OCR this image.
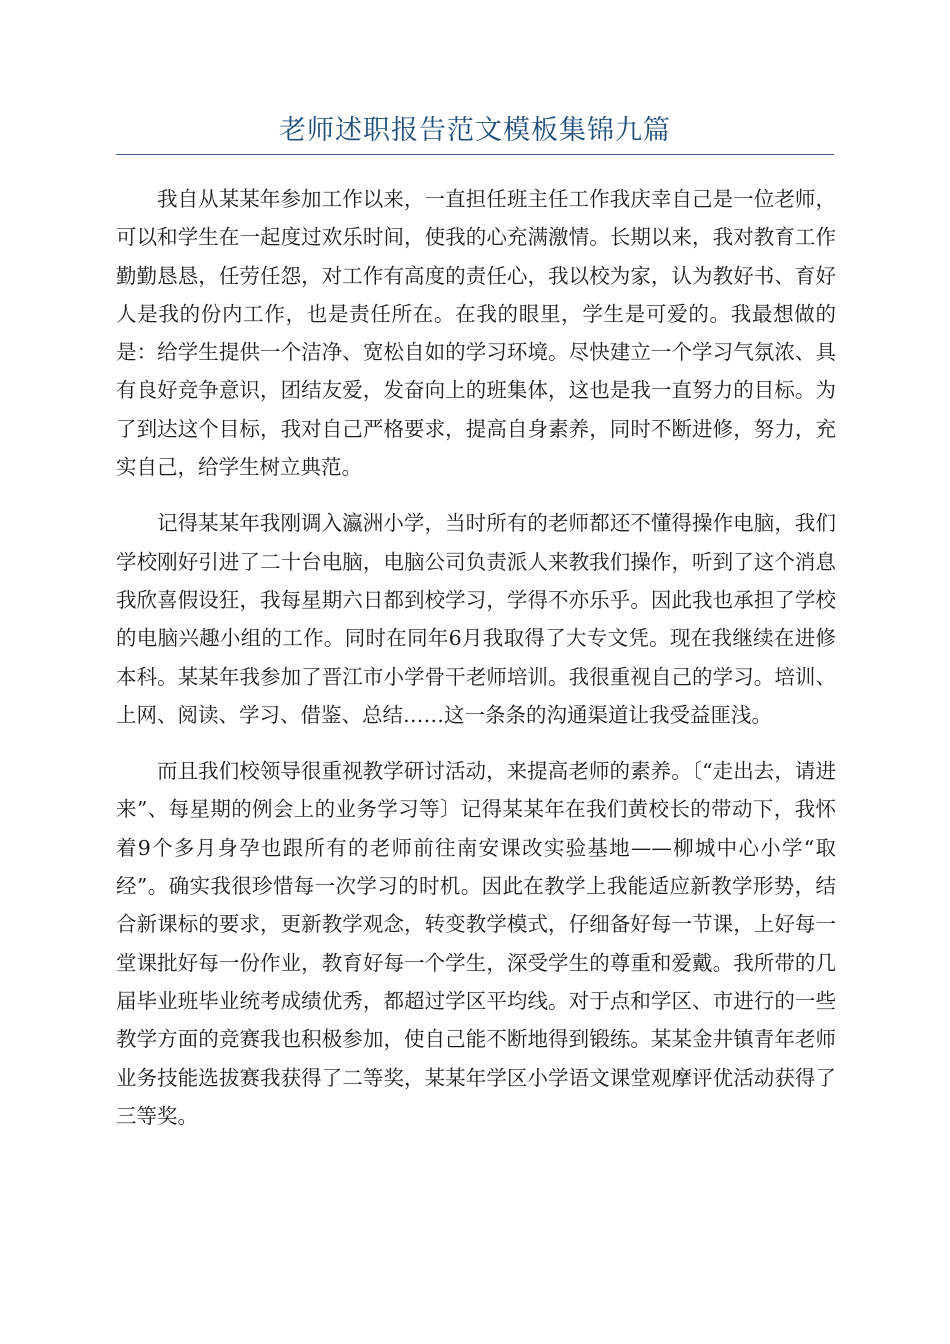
老师述职报告范文模板集锦九篇

我自从某某年参加工作以来，一直担任班主任工作我庆幸自己是一位老师，可以和学生在一起度过欢乐时间，使我的心充满激情。长期以来，我对教育工作勤勤恳恳，任劳任怨，对工作有高度的责任心，我以校为家，认为教好书、育好人是我的份内工作，也是责任所在。在我的眼里，学生是可爱的。我最想做的是：给学生提供一个洁净、宽松自如的学习环境。尽快建立一个学习气氛浓、具有良好竞争意识，团结友爱，发奋向上的班集体，这也是我一直努力的目标。为了到达这个目标，我对自己严格要求，提高自身素养，同时不断进修，努力，充实自己，给学生树立典范。

记得某某年我刚调入瀛洲小学，当时所有的老师都还不懂得操作电脑，我们学校刚好引进了二十台电脑，电脑公司负责派人来教我们操作，听到了这个消息我欣喜假设狂，我每星期六日都到校学习，学得不亦乐乎。因此我也承担了学校的电脑兴趣小组的工作。同时在同年6月我取得了大专文凭。现在我继续在进修本科。某某年我参加了晋江市小学骨干老师培训。我很重视自己的学习。培训、上网、阅读、学习、借鉴、总结……这一条条的沟通渠道让我受益匪浅。

而且我们校领导很重视教学研讨活动，来提高老师的素养。〔“走出去，请进来”、每星期的例会上的业务学习等〕记得某某年在我们黄校长的带动下，我怀着9个多月身孕也跟所有的老师前往南安课改实验基地——柳城中心小学“取经”。确实我很珍惜每一次学习的时机。因此在教学上我能适应新教学形势，结合新课标的要求，更新教学观念，转变教学模式，仔细备好每一节课，上好每一堂课批好每一份作业，教育好每一个学生，深受学生的尊重和爱戴。我所带的几届毕业班毕业统考成绩优秀，都超过学区平均线。对于点和学区、市进行的一些教学方面的竞赛我也积极参加，使自己能不断地得到锻练。某某金井镇青年老师业务技能选拔赛我获得了二等奖，某某年学区小学语文课堂观摩评优活动获得了三等奖。
